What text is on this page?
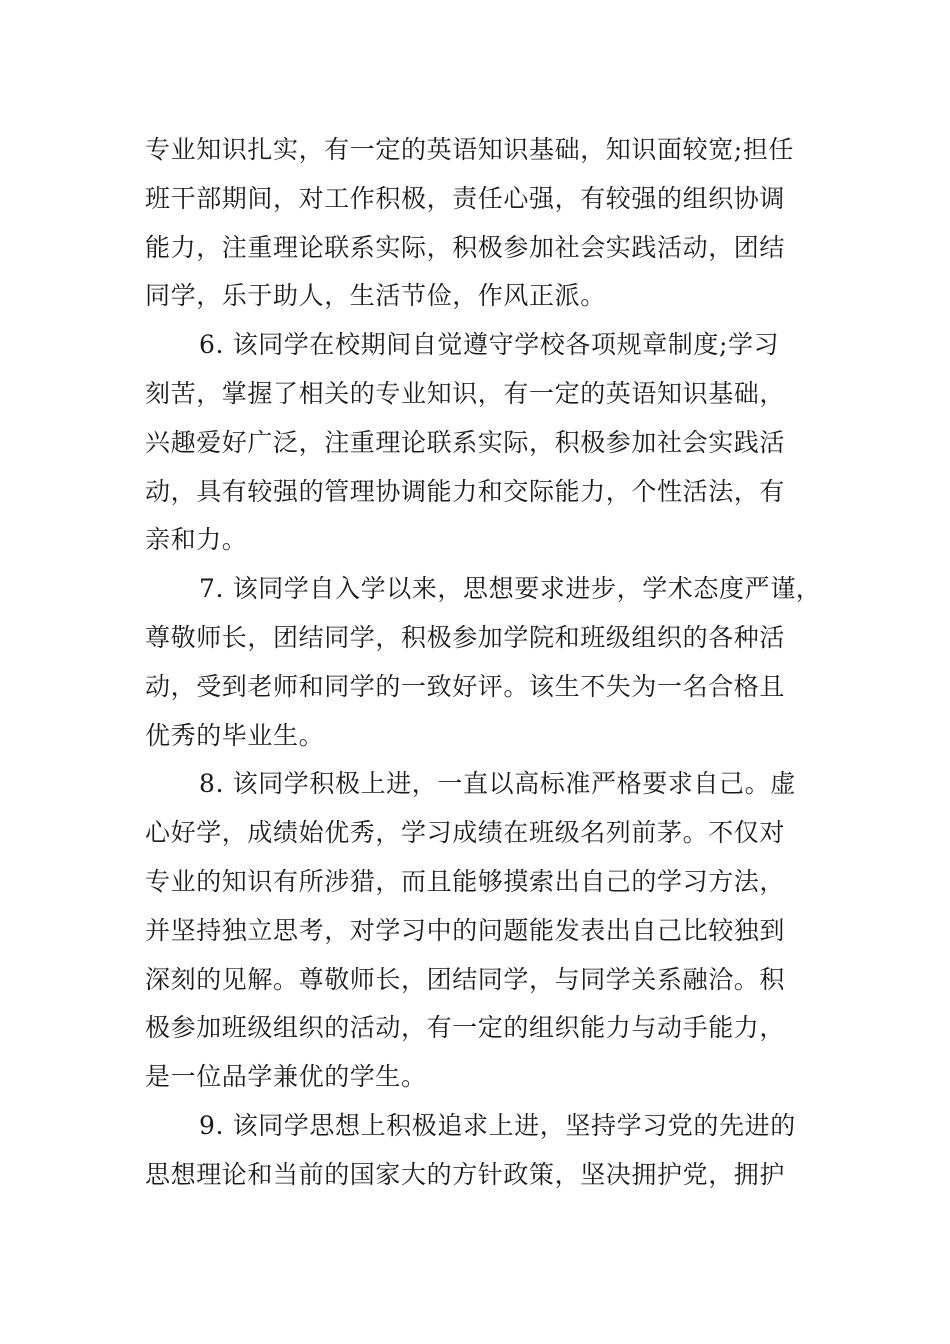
专业知识扎实，有一定的英语知识基础，知识面较宽;担任
班干部期间，对工作积极，责任心强，有较强的组织协调
能力，注重理论联系实际，积极参加社会实践活动，团结
同学，乐于助人，生活节俭，作风正派。
6. 该同学在校期间自觉遵守学校各项规章制度;学习
刻苦，掌握了相关的专业知识，有一定的英语知识基础，
兴趣爱好广泛，注重理论联系实际，积极参加社会实践活
动，具有较强的管理协调能力和交际能力，个性活法，有
亲和力。
7. 该同学自入学以来，思想要求进步，学术态度严谨，
尊敬师长，团结同学，积极参加学院和班级组织的各种活
动，受到老师和同学的一致好评。该生不失为一名合格且
优秀的毕业生。
8. 该同学积极上进，一直以高标准严格要求自己。虚
心好学，成绩始优秀，学习成绩在班级名列前茅。不仅对
专业的知识有所涉猎，而且能够摸索出自己的学习方法，
并坚持独立思考，对学习中的问题能发表出自己比较独到
深刻的见解。尊敬师长，团结同学，与同学关系融洽。积
极参加班级组织的活动，有一定的组织能力与动手能力，
是一位品学兼优的学生。
9. 该同学思想上积极追求上进，坚持学习党的先进的
思想理论和当前的国家大的方针政策，坚决拥护党，拥护
